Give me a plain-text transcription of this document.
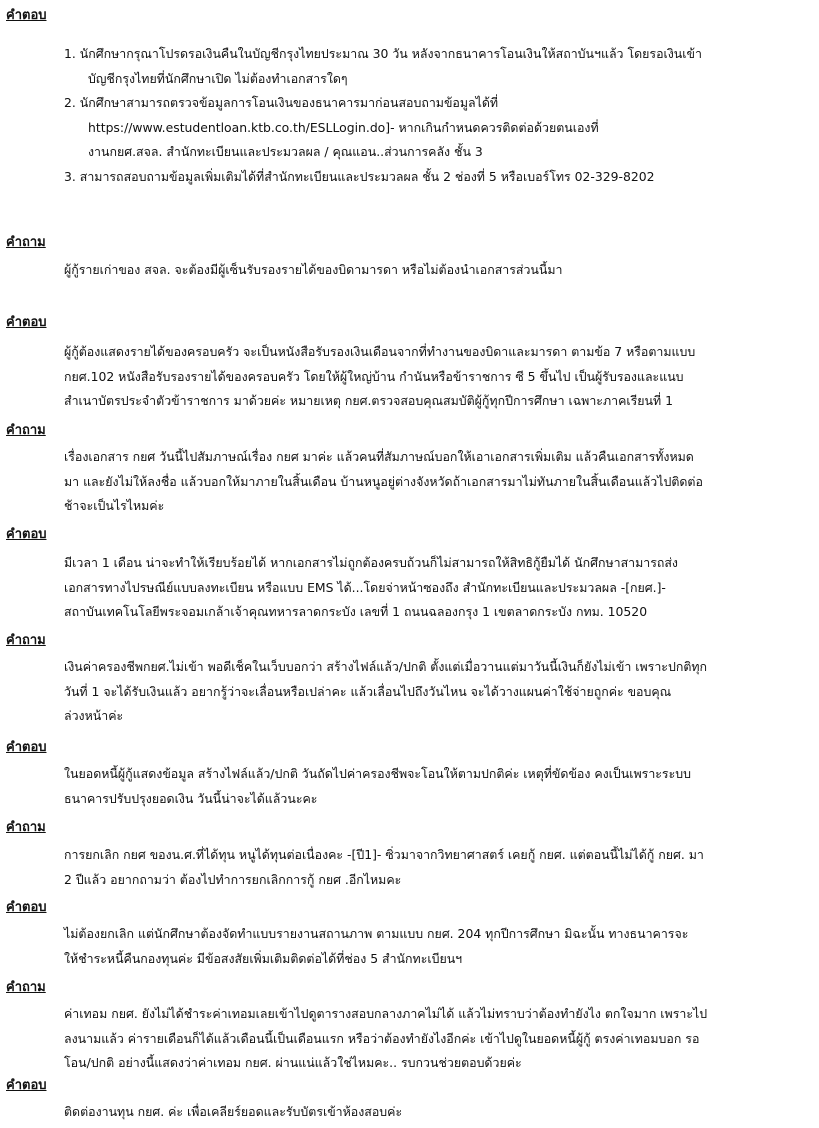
คำตอบ
1. นักศึกษากรุณาโปรดรอเงินคืนในบัญชีกรุงไทยประมาณ 30 วัน หลังจากธนาคารโอนเงินให้สถาบันฯแล้ว โดยรอเงินเข้า
บัญชีกรุงไทยที่นักศึกษาเปิด ไม่ต้องทำเอกสารใดๆ
2. นักศึกษาสามารถตรวจข้อมูลการโอนเงินของธนาคารมาก่อนสอบถามข้อมูลได้ที่
https://www.estudentloan.ktb.co.th/ESLLogin.do]- หากเกินกำหนดควรติดต่อด้วยตนเองที่
งานกยศ.สจล. สำนักทะเบียนและประมวลผล / คุณแอน..ส่วนการคลัง ชั้น 3
3. สามารถสอบถามข้อมูลเพิ่มเติมได้ที่สำนักทะเบียนและประมวลผล ชั้น 2 ช่องที่ 5 หรือเบอร์โทร 02-329-8202
คำถาม
ผู้กู้รายเก่าของ สจล. จะต้องมีผู้เซ็นรับรองรายได้ของบิดามารดา หรือไม่ต้องนำเอกสารส่วนนี้มา
คำตอบ
ผู้กู้ต้องแสดงรายได้ของครอบครัว จะเป็นหนังสือรับรองเงินเดือนจากที่ทำงานของบิดาและมารดา ตามข้อ 7 หรือตามแบบ
กยศ.102 หนังสือรับรองรายได้ของครอบครัว โดยให้ผู้ใหญ่บ้าน กำนันหรือข้าราชการ ซี 5 ขึ้นไป เป็นผู้รับรองและแนบ
สำเนาบัตรประจำตัวข้าราชการ มาด้วยค่ะ หมายเหตุ กยศ.ตรวจสอบคุณสมบัติผู้กู้ทุกปีการศึกษา เฉพาะภาคเรียนที่ 1
คำถาม
เรื่องเอกสาร กยศ วันนี้ไปสัมภาษณ์เรื่อง กยศ มาค่ะ แล้วคนที่สัมภาษณ์บอกให้เอาเอกสารเพิ่มเติม แล้วคืนเอกสารทั้งหมด
มา และยังไม่ให้ลงชื่อ แล้วบอกให้มาภายในสิ้นเดือน บ้านหนูอยู่ต่างจังหวัดถ้าเอกสารมาไม่ทันภายในสิ้นเดือนแล้วไปติดต่อ
ช้าจะเป็นไรไหมค่ะ
คำตอบ
มีเวลา 1 เดือน น่าจะทำให้เรียบร้อยได้ หากเอกสารไม่ถูกต้องครบถ้วนก็ไม่สามารถให้สิทธิกู้ยืมได้ นักศึกษาสามารถส่ง
เอกสารทางไปรษณีย์แบบลงทะเบียน หรือแบบ EMS ได้...โดยจ่าหน้าซองถึง สำนักทะเบียนและประมวลผล -[กยศ.]-
สถาบันเทคโนโลยีพระจอมเกล้าเจ้าคุณทหารลาดกระบัง เลขที่ 1 ถนนฉลองกรุง 1 เขตลาดกระบัง กทม. 10520
คำถาม
เงินค่าครองชีพกยศ.ไม่เข้า พอดีเช็คในเว็บบอกว่า สร้างไฟล์แล้ว/ปกติ ตั้งแต่เมื่อวานแต่มาวันนี้เงินก็ยังไม่เข้า เพราะปกติทุก
วันที่ 1 จะได้รับเงินแล้ว อยากรู้ว่าจะเลื่อนหรือเปล่าคะ แล้วเลื่อนไปถึงวันไหน จะได้วางแผนค่าใช้จ่ายถูกค่ะ ขอบคุณ
ล่วงหน้าค่ะ
คำตอบ
ในยอดหนี้ผู้กู้แสดงข้อมูล สร้างไฟล์แล้ว/ปกติ วันถัดไปค่าครองชีพจะโอนให้ตามปกติค่ะ เหตุที่ขัดข้อง คงเป็นเพราะระบบ
ธนาคารปรับปรุงยอดเงิน วันนี้น่าจะได้แล้วนะคะ
คำถาม
การยกเลิก กยศ ของน.ศ.ที่ได้ทุน หนูได้ทุนต่อเนื่องคะ -[ปี1]- ซิ่วมาจากวิทยาศาสตร์ เคยกู้ กยศ. แต่ตอนนี้ไม่ได้กู้ กยศ. มา
2 ปีแล้ว อยากถามว่า ต้องไปทำการยกเลิกการกู้ กยศ .อีกไหมคะ
คำตอบ
ไม่ต้องยกเลิก แต่นักศึกษาต้องจัดทำแบบรายงานสถานภาพ ตามแบบ กยศ. 204 ทุกปีการศึกษา มิฉะนั้น ทางธนาคารจะ
ให้ชำระหนี้คืนกองทุนค่ะ มีข้อสงสัยเพิ่มเติมติดต่อได้ที่ช่อง 5 สำนักทะเบียนฯ
คำถาม
ค่าเทอม กยศ. ยังไม่ได้ชำระค่าเทอมเลยเข้าไปดูตารางสอบกลางภาคไม่ได้ แล้วไม่ทราบว่าต้องทำยังไง ตกใจมาก เพราะไป
ลงนามแล้ว ค่ารายเดือนก็ได้แล้วเดือนนี้เป็นเดือนแรก หรือว่าต้องทำยังไงอีกค่ะ เข้าไปดูในยอดหนี้ผู้กู้ ตรงค่าเทอมบอก รอ
โอน/ปกติ อย่างนี้แสดงว่าค่าเทอม กยศ. ผ่านแน่แล้วใช่ไหมคะ.. รบกวนช่วยตอบด้วยค่ะ
คำตอบ
ติดต่องานทุน กยศ. ค่ะ เพื่อเคลียร์ยอดและรับบัตรเข้าห้องสอบค่ะ
